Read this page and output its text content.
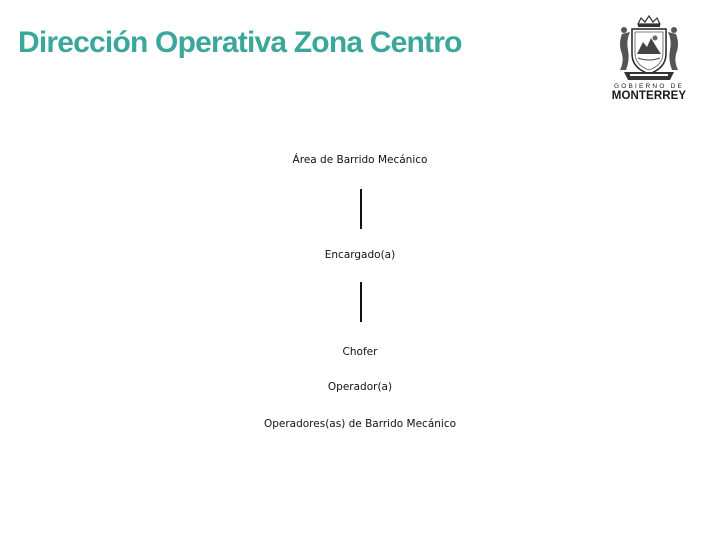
Dirección Operativa Zona Centro
GOBIERNO DE
MONTERREY
Área de Barrido Mecánico
Encargado(a)
Chofer
Operador(a)
Operadores(as) de Barrido Mecánico
